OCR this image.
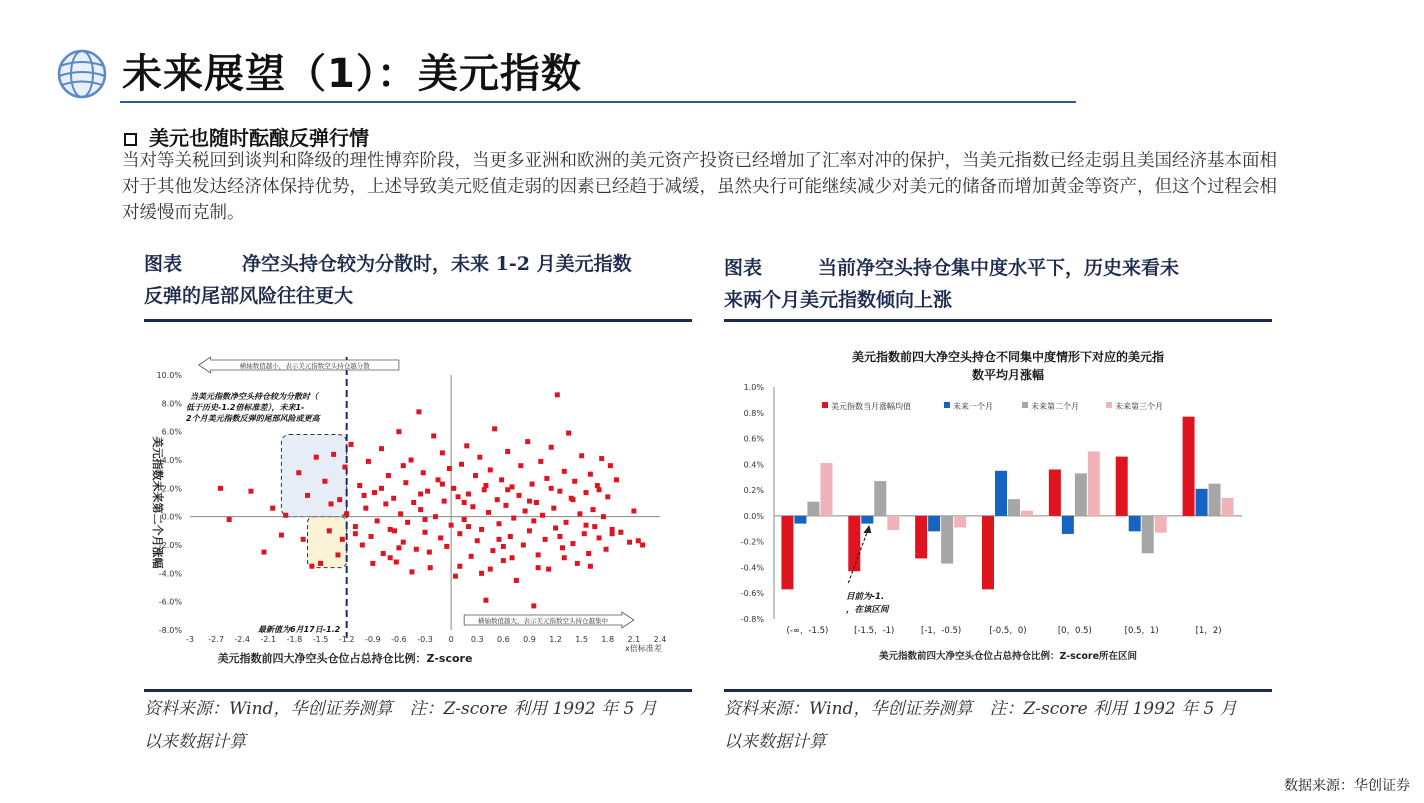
未来展望（1）：美元指数
美元也随时酝酿反弹行情
当对等关税回到谈判和降级的理性博弈阶段，当更多亚洲和欧洲的美元资产投资已经增加了汇率对冲的保护，当美元指数已经走弱且美国经济基本面相对于其他发达经济体保持优势，上述导致美元贬值走弱的因素已经趋于减缓，虽然央行可能继续减少对美元的储备而增加黄金等资产，但这个过程会相对缓慢而克制。
图表	净空头持仓较为分散时，未来 1-2 月美元指数
反弹的尾部风险往往更大
图表	当前净空头持仓集中度水平下，历史来看未
来两个月美元指数倾向上涨
10.0%
8.0%
6.0%
4.0%
2.0%
0.0%
-2.0%
-4.0%
-6.0%
-8.0%
-3 -2.7 -2.4 -2.1 -1.8 -1.5 -1.2 -0.9 -0.6 -0.3 0 0.3 0.6 0.9 1.2 1.5 1.8 2.1 2.4
美元指数前四大净空头仓位占总持仓比例：Z-score
x倍标准差
美元指数未来第二个月涨幅
横轴数值越小，表示美元指数空头持仓越分散
横轴数值越大，表示美元指数空头持仓越集中
当美元指数净空头持仓较为分散时（低于历史-1.2倍标准差），未来1-2个月美元指数反弹的尾部风险或更高
最新值为6月17日-1.2
美元指数前四大净空头持仓不同集中度情形下对应的美元指
数平均月涨幅
1.0%
0.8%
0.6%
0.4%
0.2%
0.0%
-0.2%
-0.4%
-0.6%
-0.8%
美元指数当月涨幅均值	未来一个月	未来第二个月	未来第三个月
(-∞，-1.5)	[-1.5，-1)	[-1，-0.5)	[-0.5，0)	[0，0.5)	[0.5，1)	[1，2)
目前为-1.
，在该区间
美元指数前四大净空头仓位占总持仓比例：Z-score所在区间
资料来源：Wind，华创证券测算　注：Z-score 利用 1992 年 5 月
以来数据计算
资料来源：Wind，华创证券测算　注：Z-score 利用 1992 年 5 月
以来数据计算
数据来源：华创证券
